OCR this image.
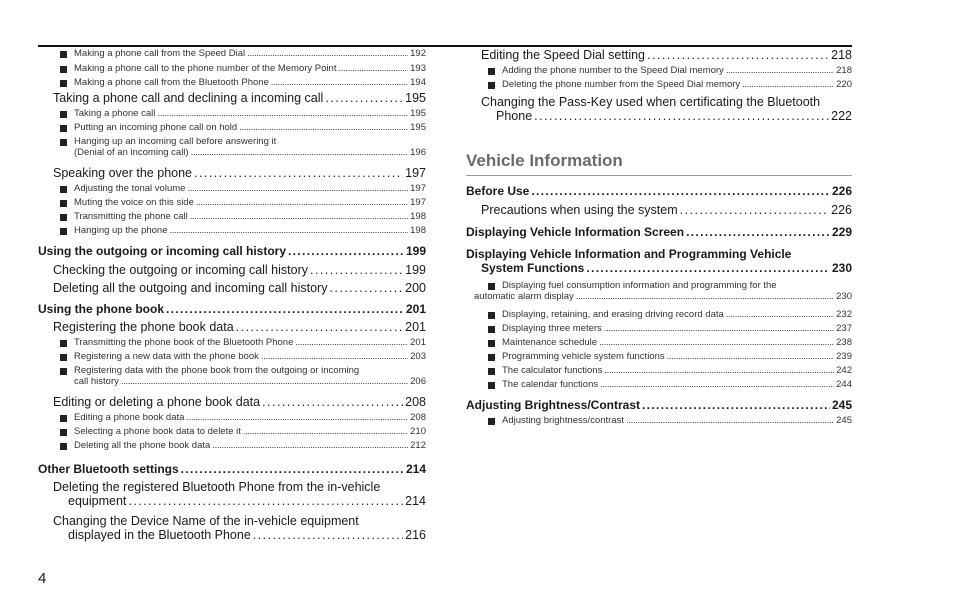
Making a phone call from the Speed Dial . . .	192
Making a phone call to the phone number of the Memory Point . . .	193
Making a phone call from the Bluetooth Phone . . .	194
Taking a phone call and declining a incoming call . . .	195
Taking a phone call . . .	195
Putting an incoming phone call on hold . . .	195
Hanging up an incoming call before answering it
(Denial of an incoming call) . . .	196
Speaking over the phone . . .	197
Adjusting the tonal volume . . .	197
Muting the voice on this side . . .	197
Transmitting the phone call . . .	198
Hanging up the phone . . .	198
Using the outgoing or incoming call history . . .	199
Checking the outgoing or incoming call history . . .	199
Deleting all the outgoing and incoming call history . . .	200
Using the phone book . . .	201
Registering the phone book data . . .	201
Transmitting the phone book of the Bluetooth Phone . . .	201
Registering a new data with the phone book . . .	203
Registering data with the phone book from the outgoing or incoming
call history . . .	206
Editing or deleting a phone book data . . .	208
Editing a phone book data . . .	208
Selecting a phone book data to delete it . . .	210
Deleting all the phone book data . . .	212
Other Bluetooth settings . . .	214
Deleting the registered Bluetooth Phone from the in-vehicle
equipment . . .	214
Changing the Device Name of the in-vehicle equipment
displayed in the Bluetooth Phone . . .	216
Editing the Speed Dial setting . . .	218
Adding the phone number to the Speed Dial memory . . .	218
Deleting the phone number from the Speed Dial memory . . .	220
Changing the Pass-Key used when certificating the Bluetooth
Phone . . .	222
Vehicle Information
Before Use . . .	226
Precautions when using the system . . .	226
Displaying Vehicle Information Screen . . .	229
Displaying Vehicle Information and Programming Vehicle
System Functions . . .	230
Displaying fuel consumption information and programming for the
automatic alarm display . . .	230
Displaying, retaining, and erasing driving record data . . .	232
Displaying three meters . . .	237
Maintenance schedule . . .	238
Programming vehicle system functions . . .	239
The calculator functions . . .	242
The calendar functions . . .	244
Adjusting Brightness/Contrast . . .	245
Adjusting brightness/contrast . . .	245
4
